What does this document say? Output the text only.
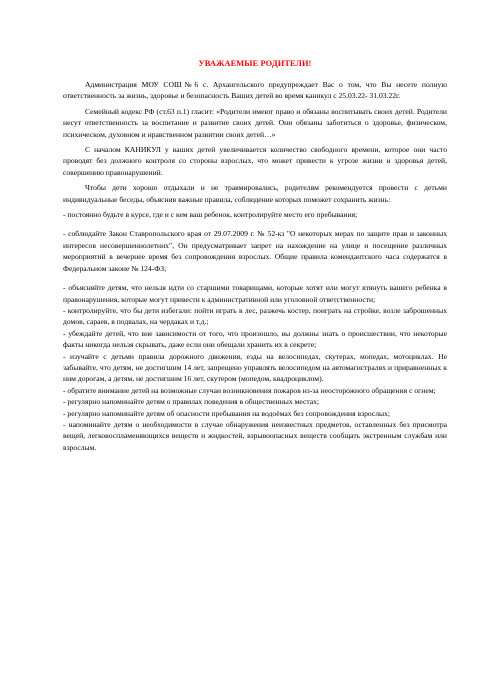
УВАЖАЕМЫЕ РОДИТЕЛИ!

Администрация МОУ СОШ№6 с. Архангельского предупреждает Вас о том, что Вы несете полную ответственность за жизнь, здоровье и безопасность Ваших детей во время каникул с 25.03.22- 31.03.22г.

Семейный кодекс РФ (ст.63 п.1) гласит: «Родители имеют право и обязаны воспитывать своих детей. Родители несут ответственность за воспитание и развитие своих детей. Они обязаны заботиться о здоровье, физическом, психическом, духовном и нравственном развитии своих детей…»

С началом КАНИКУЛ у ваших детей увеличивается количество свободного времени, которое они часто проводят без должного контроля со стороны взрослых, что может привести к угрозе жизни и здоровья детей, совершению правонарушений.

Чтобы дети хорошо отдыхали и не травмировались, родителям рекомендуется провести с детьми индивидуальные беседы, объяснив важные правила, соблюдение которых поможет сохранить жизнь:

- постоянно будьте в курсе, где и с кем ваш ребенок, контролируйте место его пребывания;

- соблюдайте Закон Ставропольского края от 29.07.2009 г. № 52-кз "О некоторых мерах по защите прав и законных интересов несовершеннолетних", Он предусматривает запрет на нахождение на улице и посещение различных мероприятий в вечернее время без сопровождения взрослых. Общие правила комендантского часа содержатся в Федеральном законе № 124-ФЗ;

- объясняйте детям, что нельзя идти со старшими товарищами, которые хотят или могут втянуть вашего ребенка в правонарушения, которые могут привести к административной или уголовной ответственности;

- контролируйте, что бы дети избегали: пойти играть в лес, разжечь костер, поиграть на стройке, возле заброшенных домов, сараев, в подвалах, на чердаках и т.д.;

- убеждайте детей, что вне зависимости от того, что произошло, вы должны знать о происшествии, что некоторые факты никогда нельзя скрывать, даже если они обещали хранить их в секрете;

- изучайте с детьми правила дорожного движения, езды на велосипедах, скутерах, мопедах, мотоциклах. Не забывайте, что детям, не достигшим 14 лет, запрещено управлять велосипедом на автомагистралях и приравненных к ним дорогам, а детям, не достигшим 16 лет, скутером (мопедом, квадроциклом).

- обратите внимание детей на возможные случаи возникновения пожаров из-за неосторожного обращения с огнем;

- регулярно напоминайте детям о правилах поведения в общественных местах;

- регулярно напоминайте детям об опасности пребывания на водоёмах без сопровождения взрослых;

- напоминайте детям о необходимости в случае обнаружения неизвестных предметов, оставленных без присмотра вещей, легковоспламеняющихся веществ и жидкостей, взрывоопасных веществ сообщать экстренным службам или взрослым.
